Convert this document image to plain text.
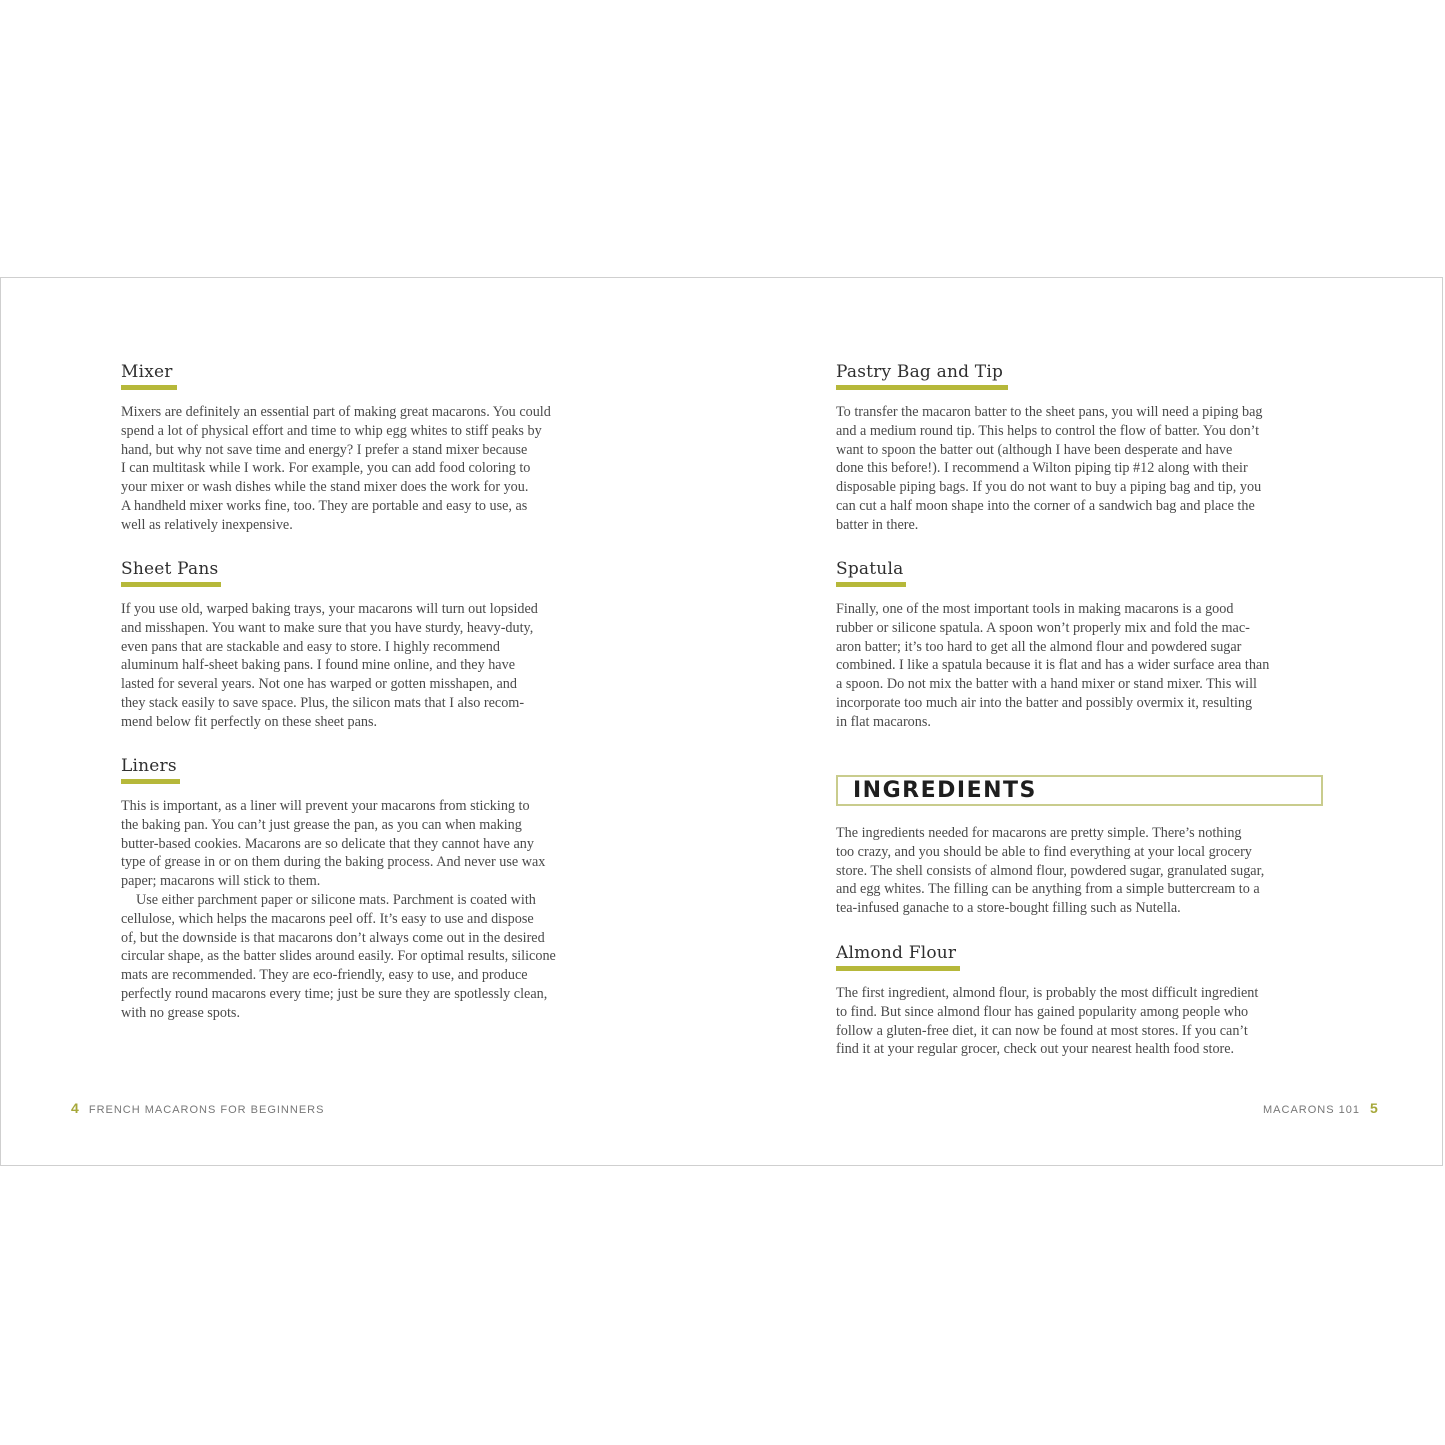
Mixer
Mixers are definitely an essential part of making great macarons. You could
spend a lot of physical effort and time to whip egg whites to stiff peaks by
hand, but why not save time and energy? I prefer a stand mixer because
I can multitask while I work. For example, you can add food coloring to
your mixer or wash dishes while the stand mixer does the work for you.
A handheld mixer works fine, too. They are portable and easy to use, as
well as relatively inexpensive.
Sheet Pans
If you use old, warped baking trays, your macarons will turn out lopsided
and misshapen. You want to make sure that you have sturdy, heavy-duty,
even pans that are stackable and easy to store. I highly recommend
aluminum half-sheet baking pans. I found mine online, and they have
lasted for several years. Not one has warped or gotten misshapen, and
they stack easily to save space. Plus, the silicon mats that I also recom-
mend below fit perfectly on these sheet pans.
Liners
This is important, as a liner will prevent your macarons from sticking to
the baking pan. You can’t just grease the pan, as you can when making
butter-based cookies. Macarons are so delicate that they cannot have any
type of grease in or on them during the baking process. And never use wax
paper; macarons will stick to them.
Use either parchment paper or silicone mats. Parchment is coated with
cellulose, which helps the macarons peel off. It’s easy to use and dispose
of, but the downside is that macarons don’t always come out in the desired
circular shape, as the batter slides around easily. For optimal results, silicone
mats are recommended. They are eco-friendly, easy to use, and produce
perfectly round macarons every time; just be sure they are spotlessly clean,
with no grease spots.
4 FRENCH MACARONS FOR BEGINNERS
Pastry Bag and Tip
To transfer the macaron batter to the sheet pans, you will need a piping bag
and a medium round tip. This helps to control the flow of batter. You don’t
want to spoon the batter out (although I have been desperate and have
done this before!). I recommend a Wilton piping tip #12 along with their
disposable piping bags. If you do not want to buy a piping bag and tip, you
can cut a half moon shape into the corner of a sandwich bag and place the
batter in there.
Spatula
Finally, one of the most important tools in making macarons is a good
rubber or silicone spatula. A spoon won’t properly mix and fold the mac-
aron batter; it’s too hard to get all the almond flour and powdered sugar
combined. I like a spatula because it is flat and has a wider surface area than
a spoon. Do not mix the batter with a hand mixer or stand mixer. This will
incorporate too much air into the batter and possibly overmix it, resulting
in flat macarons.
INGREDIENTS
The ingredients needed for macarons are pretty simple. There’s nothing
too crazy, and you should be able to find everything at your local grocery
store. The shell consists of almond flour, powdered sugar, granulated sugar,
and egg whites. The filling can be anything from a simple buttercream to a
tea-infused ganache to a store-bought filling such as Nutella.
Almond Flour
The first ingredient, almond flour, is probably the most difficult ingredient
to find. But since almond flour has gained popularity among people who
follow a gluten-free diet, it can now be found at most stores. If you can’t
find it at your regular grocer, check out your nearest health food store.
MACARONS 101 5
